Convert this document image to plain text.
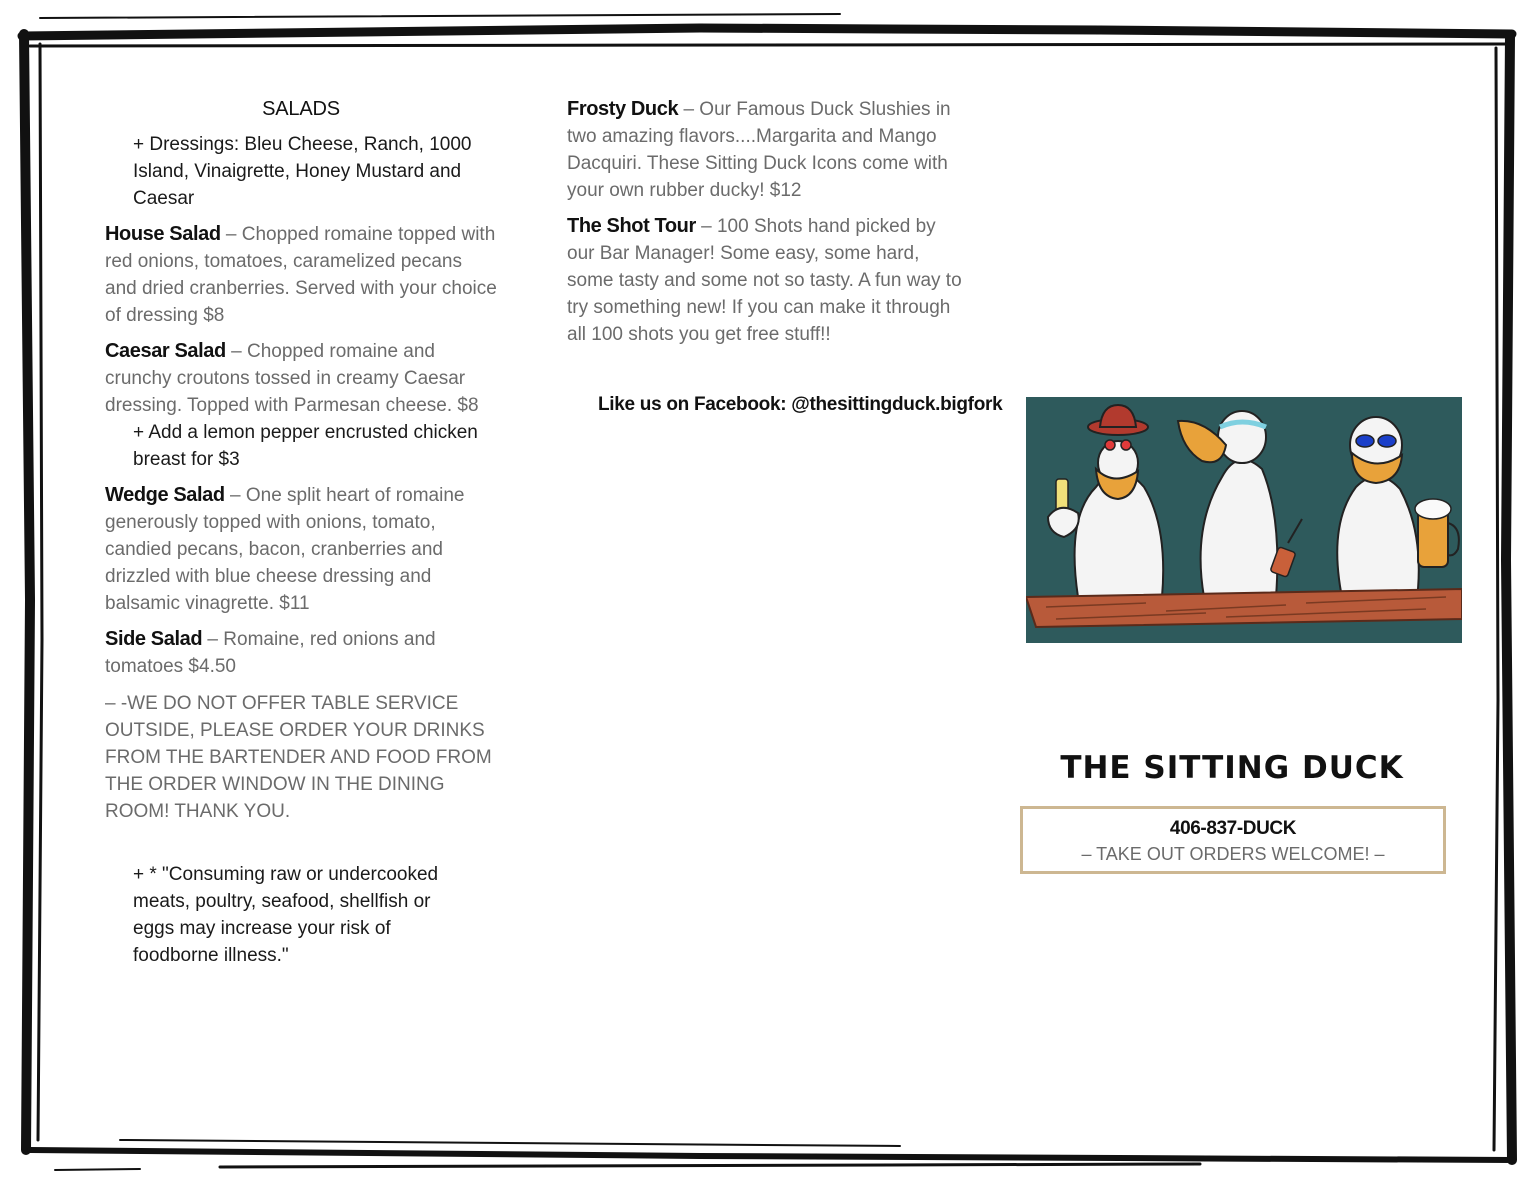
SALADS
+ Dressings: Bleu Cheese, Ranch, 1000 Island, Vinaigrette, Honey Mustard and Caesar
House Salad – Chopped romaine topped with red onions, tomatoes, caramelized pecans and dried cranberries. Served with your choice of dressing $8
Caesar Salad – Chopped romaine and crunchy croutons tossed in creamy Caesar dressing. Topped with Parmesan cheese. $8
+ Add a lemon pepper encrusted chicken breast for $3
Wedge Salad – One split heart of romaine generously topped with onions, tomato, candied pecans, bacon, cranberries and drizzled with blue cheese dressing and balsamic vinagrette. $11
Side Salad – Romaine, red onions and tomatoes $4.50
– -WE DO NOT OFFER TABLE SERVICE OUTSIDE, PLEASE ORDER YOUR DRINKS FROM THE BARTENDER AND FOOD FROM THE ORDER WINDOW IN THE DINING ROOM! THANK YOU.
+ * "Consuming raw or undercooked meats, poultry, seafood, shellfish or eggs may increase your risk of foodborne illness."
Frosty Duck – Our Famous Duck Slushies in two amazing flavors....Margarita and Mango Dacquiri. These Sitting Duck Icons come with your own rubber ducky! $12
The Shot Tour – 100 Shots hand picked by our Bar Manager! Some easy, some hard, some tasty and some not so tasty. A fun way to try something new! If you can make it through all 100 shots you get free stuff!!
Like us on Facebook: @thesittingduck.bigfork
THE SITTING DUCK
406-837-DUCK
– TAKE OUT ORDERS WELCOME! –
